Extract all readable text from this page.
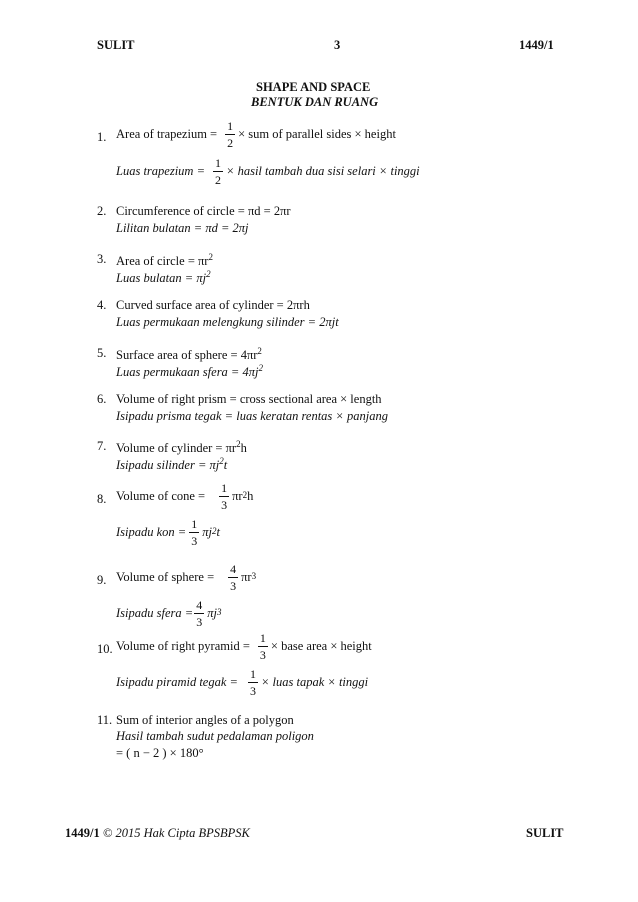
SULIT	3	1449/1
SHAPE AND SPACE
BENTUK DAN RUANG
1. Area of trapezium = $\frac{1}{2}$ × sum of parallel sides × height
Luas trapezium = $\frac{1}{2}$ × hasil tambah dua sisi selari × tinggi
2. Circumference of circle = πd = 2πr
Lilitan bulatan = πd = 2πj
3. Area of circle = $\pi r^2$
Luas bulatan = $\pi j^2$
4. Curved surface area of cylinder = 2πrh
Luas permukaan melengkung silinder = 2πjt
5. Surface area of sphere = $4\pi r^2$
Luas permukaan sfera = $4\pi j^2$
6. Volume of right prism = cross sectional area × length
Isipadu prisma tegak = luas keratan rentas × panjang
7. Volume of cylinder = $\pi r^2h$
Isipadu silinder = $\pi j^2t$
8. Volume of cone = $\frac{1}{3}$ πr 2 h
Isipadu kon = $\frac{1}{3}$ πj 2 t
9. Volume of sphere = $\frac{4}{3}$ πr 3
Isipadu sfera = $\frac{4}{3}$ πj 3
10. Volume of right pyramid = $\frac{1}{3}$ × base area × height
Isipadu piramid tegak = $\frac{1}{3}$ × luas tapak × tinggi
11. Sum of interior angles of a polygon
Hasil tambah sudut pedalaman poligon
= ( n − 2 ) × 180°
1449/1 © 2015 Hak Cipta BPSBPSK	SULIT
